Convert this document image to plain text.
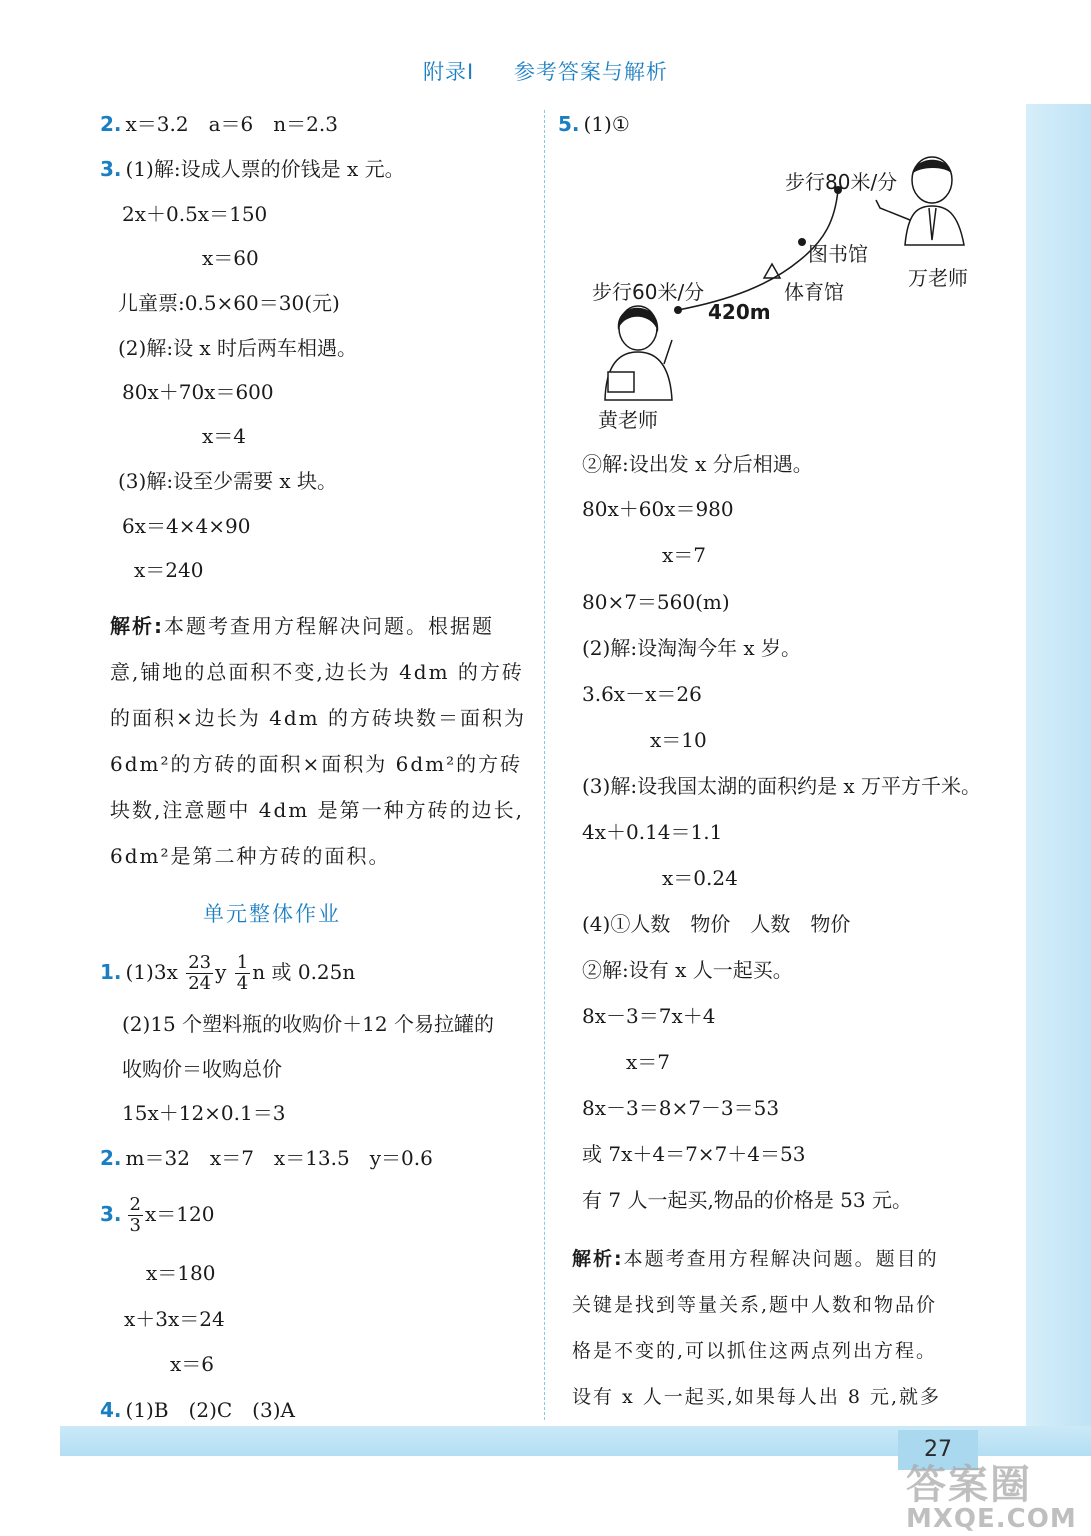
附录Ⅰ 参考答案与解析
2. x＝3.2　a＝6　n＝2.3
3. (1)解:设成人票的价钱是 x 元。
2x＋0.5x＝150
x＝60
儿童票:0.5×60＝30(元)
(2)解:设 x 时后两车相遇。
80x＋70x＝600
x＝4
(3)解:设至少需要 x 块。
6x＝4×4×90
x＝240
解析:本题考查用方程解决问题。根据题
意,铺地的总面积不变,边长为 4dm 的方砖
的面积×边长为 4dm 的方砖块数＝面积为
6dm²的方砖的面积×面积为 6dm²的方砖
块数,注意题中 4dm 是第一种方砖的边长,
6dm²是第二种方砖的面积。
单元整体作业
1. $(1)3x \frac{23}{24}$ y $\frac{1}{4}$ n 或 0.25n
(2)15 个塑料瓶的收购价＋12 个易拉罐的
收购价＝收购总价
15x＋12×0.1＝3
2. m＝32　x＝7　x＝13.5　y＝0.6
3. $\frac{2}{3} x=120$
x＝180
x＋3x＝24
x＝6
4. (1)B　(2)C　(3)A
5. (1)①
步行80米/分
图书馆
万老师
步行60米/分	体育馆
420m
黄老师
②解:设出发 x 分后相遇。
80x＋60x＝980
x＝7
80×7＝560(m)
(2)解:设淘淘今年 x 岁。
3.6x－x＝26
x＝10
(3)解:设我国太湖的面积约是 x 万平方千米。
4x＋0.14＝1.1
x＝0.24
(4)①人数　物价　人数　物价
②解:设有 x 人一起买。
8x－3＝7x＋4
x＝7
8x－3＝8×7－3＝53
或 7x＋4＝7×7＋4＝53
有 7 人一起买,物品的价格是 53 元。
解析:本题考查用方程解决问题。题目的
关键是找到等量关系,题中人数和物品价
格是不变的,可以抓住这两点列出方程。
设有 x 人一起买,如果每人出 8 元,就多
27
答案圈
MXQE.COM
